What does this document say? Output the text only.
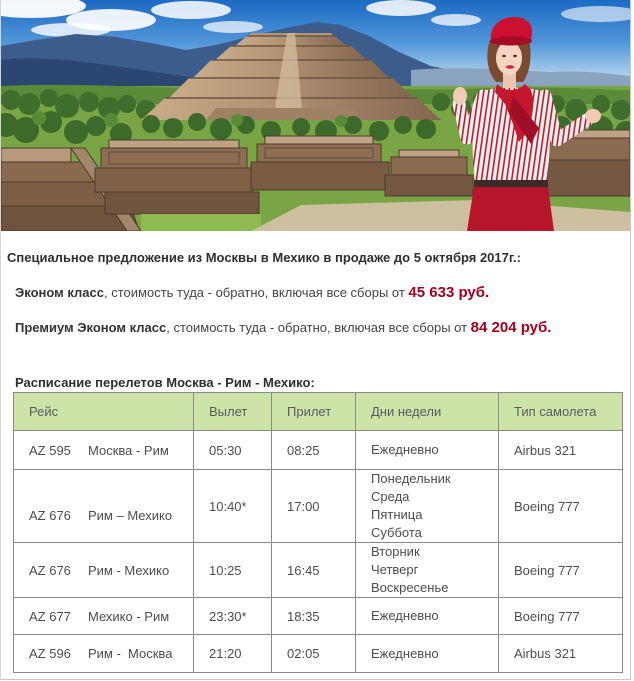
Специальное предложение из Москвы в Мехико в продаже до 5 октября 2017г.:
Эконом класс, стоимость туда - обратно, включая все сборы от 45 633 руб.
Премиум Эконом класс, стоимость туда - обратно, включая все сборы от 84 204 руб.
Расписание перелетов Москва - Рим - Мехико:
Рейс	Вылет	Прилет	Дни недели	Тип самолета
AZ 595 Москва - Рим	05:30	08:25	Ежедневно	Airbus 321
AZ 676 Рим – Мехико	10:40*	17:00	Понедельник
Среда
Пятница
Суббота	Boeing 777
AZ 676 Рим - Мехико	10:25	16:45	Вторник
Четверг
Воскресенье	Boeing 777
AZ 677 Мехико - Рим	23:30*	18:35	Ежедневно	Boeing 777
AZ 596 Рим -  Москва	21:20	02:05	Ежедневно	Airbus 321
